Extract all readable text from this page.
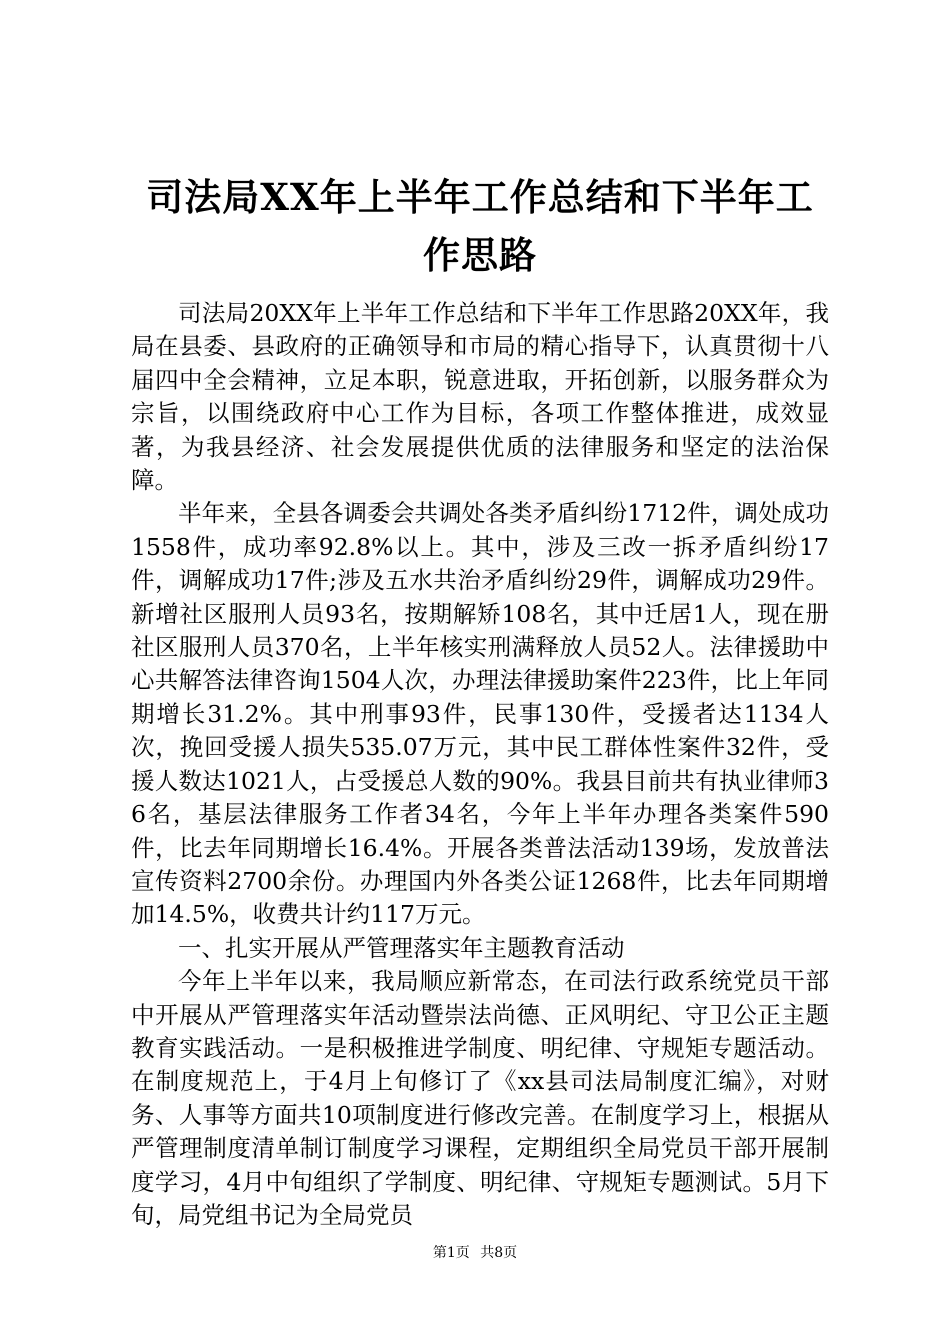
司法局XX年上半年工作总结和下半年工作思路

司法局20XX年上半年工作总结和下半年工作思路20XX年，我局在县委、县政府的正确领导和市局的精心指导下，认真贯彻十八届四中全会精神，立足本职，锐意进取，开拓创新，以服务群众为宗旨，以围绕政府中心工作为目标，各项工作整体推进，成效显著，为我县经济、社会发展提供优质的法律服务和坚定的法治保障。

半年来，全县各调委会共调处各类矛盾纠纷1712件，调处成功1558件，成功率92.8%以上。其中，涉及三改一拆矛盾纠纷17件，调解成功17件;涉及五水共治矛盾纠纷29件，调解成功29件。新增社区服刑人员93名，按期解矫108名，其中迁居1人，现在册社区服刑人员370名，上半年核实刑满释放人员52人。法律援助中心共解答法律咨询1504人次，办理法律援助案件223件，比上年同期增长31.2%。其中刑事93件，民事130件，受援者达1134人次，挽回受援人损失535.07万元，其中民工群体性案件32件，受援人数达1021人，占受援总人数的90%。我县目前共有执业律师36名，基层法律服务工作者34名，今年上半年办理各类案件590件，比去年同期增长16.4%。开展各类普法活动139场，发放普法宣传资料2700余份。办理国内外各类公证1268件，比去年同期增加14.5%，收费共计约117万元。

一、扎实开展从严管理落实年主题教育活动

今年上半年以来，我局顺应新常态，在司法行政系统党员干部中开展从严管理落实年活动暨崇法尚德、正风明纪、守卫公正主题教育实践活动。一是积极推进学制度、明纪律、守规矩专题活动。在制度规范上，于4月上旬修订了《xx县司法局制度汇编》，对财务、人事等方面共10项制度进行修改完善。在制度学习上，根据从严管理制度清单制订制度学习课程，定期组织全局党员干部开展制度学习，4月中旬组织了学制度、明纪律、守规矩专题测试。5月下旬，局党组书记为全局党员

第1页 共8页
